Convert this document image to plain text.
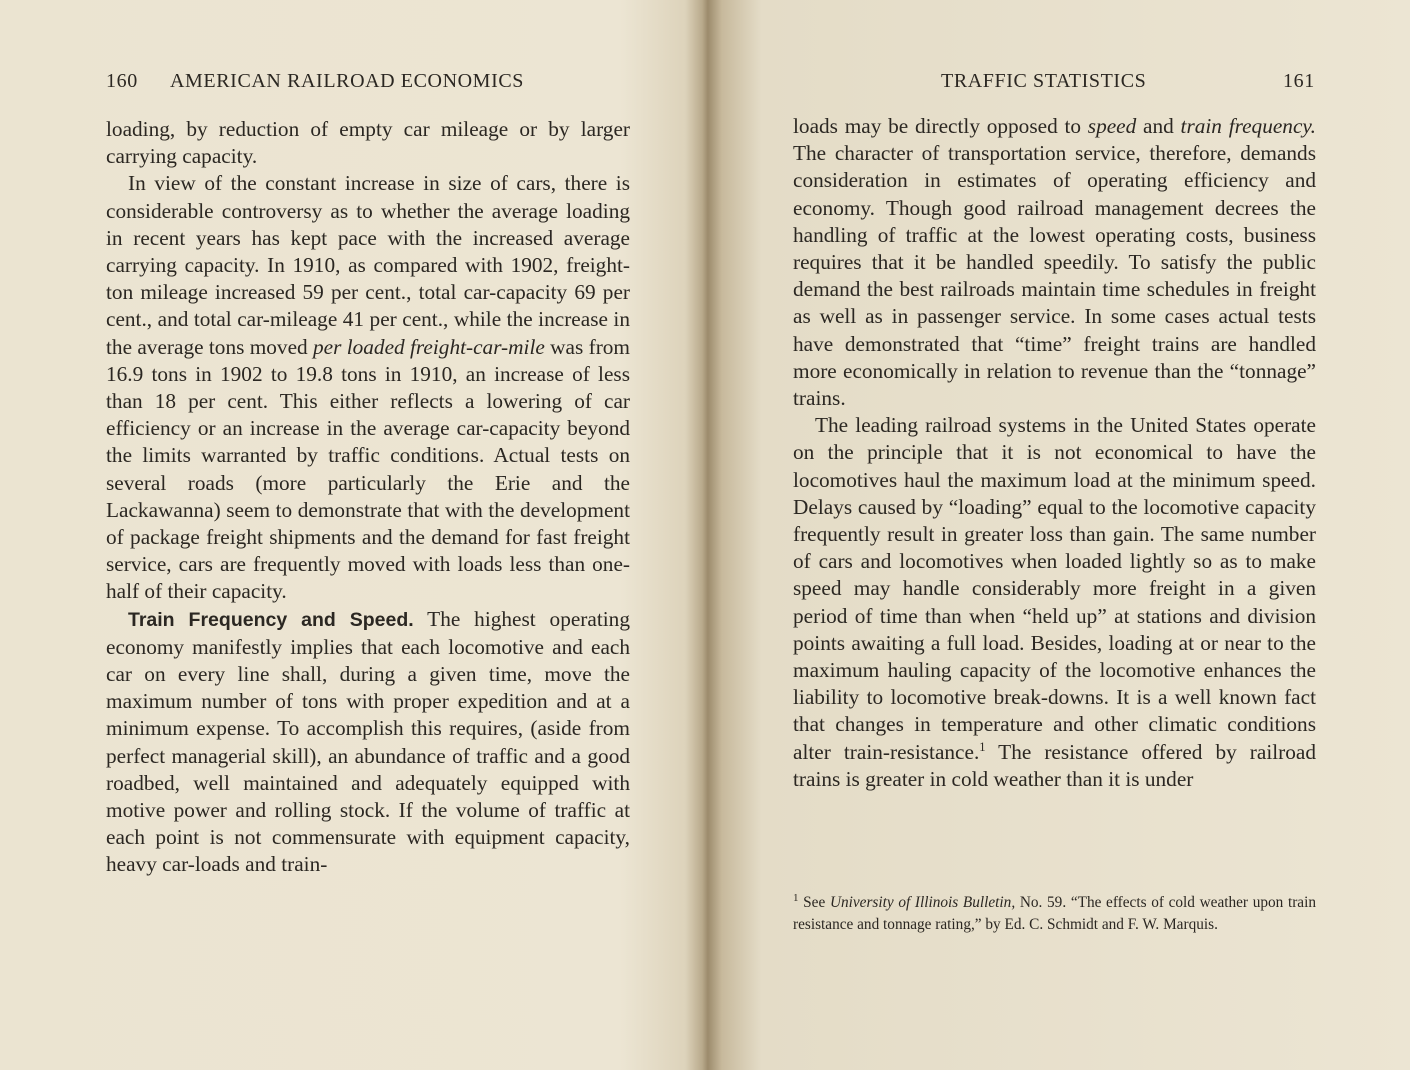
160 AMERICAN RAILROAD ECONOMICS

loading, by reduction of empty car mileage or by larger carrying capacity.

In view of the constant increase in size of cars, there is considerable controversy as to whether the average loading in recent years has kept pace with the increased average carrying capacity. In 1910, as compared with 1902, freight-ton mileage increased 59 per cent., total car-capacity 69 per cent., and total car-mileage 41 per cent., while the increase in the average tons moved per loaded freight-car-mile was from 16.9 tons in 1902 to 19.8 tons in 1910, an increase of less than 18 per cent. This either reflects a lowering of car efficiency or an increase in the average car-capacity beyond the limits warranted by traffic conditions. Actual tests on several roads (more particularly the Erie and the Lackawanna) seem to demonstrate that with the development of package freight shipments and the demand for fast freight service, cars are frequently moved with loads less than one-half of their capacity.

Train Frequency and Speed. The highest operating economy manifestly implies that each locomotive and each car on every line shall, during a given time, move the maximum number of tons with proper expedition and at a minimum expense. To accomplish this requires, (aside from perfect managerial skill), an abundance of traffic and a good roadbed, well maintained and adequately equipped with motive power and rolling stock. If the volume of traffic at each point is not commensurate with equipment capacity, heavy car-loads and train-

TRAFFIC STATISTICS	161

loads may be directly opposed to speed and train frequency. The character of transportation service, therefore, demands consideration in estimates of operating efficiency and economy. Though good railroad management decrees the handling of traffic at the lowest operating costs, business requires that it be handled speedily. To satisfy the public demand the best railroads maintain time schedules in freight as well as in passenger service. In some cases actual tests have demonstrated that “time” freight trains are handled more economically in relation to revenue than the “tonnage” trains.

The leading railroad systems in the United States operate on the principle that it is not economical to have the locomotives haul the maximum load at the minimum speed. Delays caused by “loading” equal to the locomotive capacity frequently result in greater loss than gain. The same number of cars and locomotives when loaded lightly so as to make speed may handle considerably more freight in a given period of time than when “held up” at stations and division points awaiting a full load. Besides, loading at or near to the maximum hauling capacity of the locomotive enhances the liability to locomotive break-downs. It is a well known fact that changes in temperature and other climatic conditions alter train-resistance.$^1$ The resistance offered by railroad trains is greater in cold weather than it is under

$^1$ See University of Illinois Bulletin, No. 59. “The effects of cold weather upon train resistance and tonnage rating,” by Ed. C. Schmidt and F. W. Marquis.
